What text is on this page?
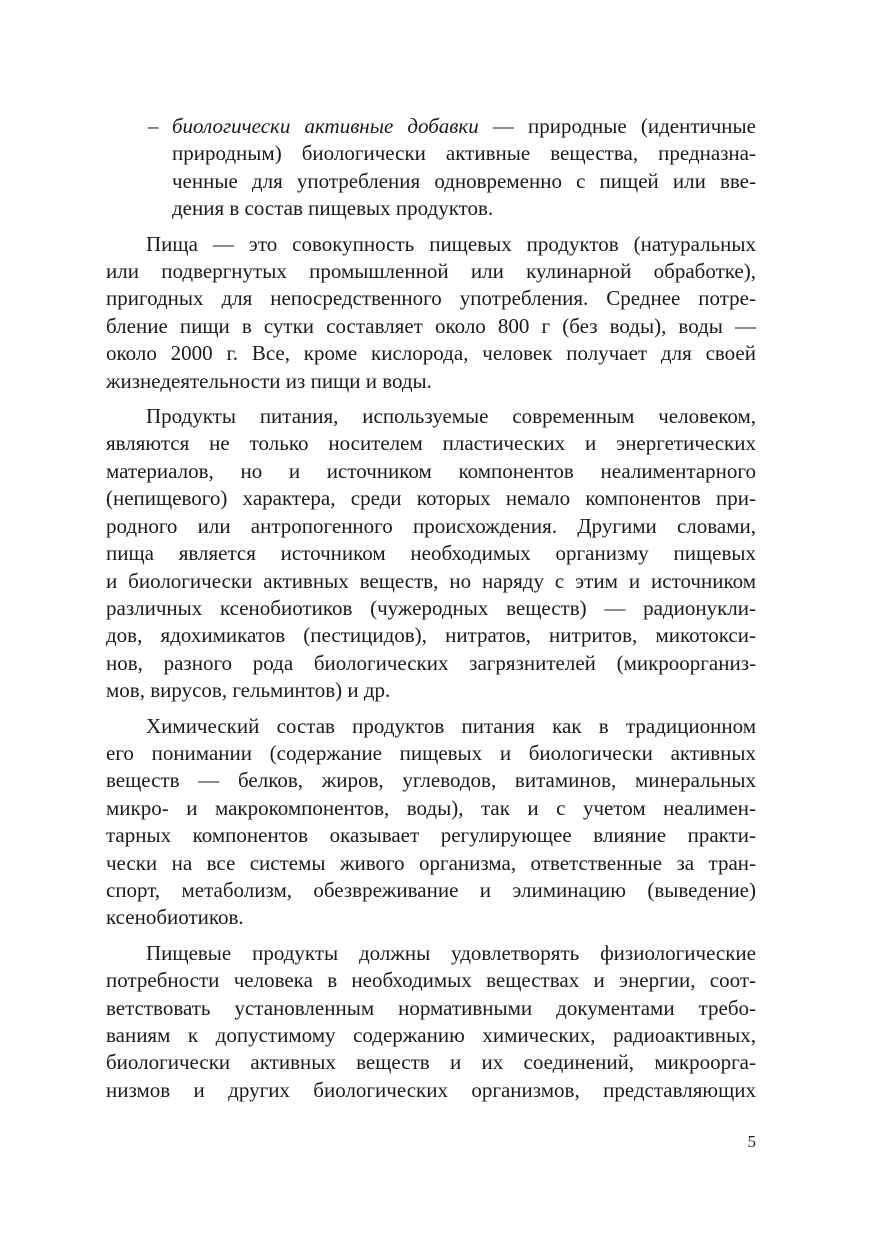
– биологически активные добавки — природные (идентичные
природным) биологически активные вещества, предназна-
ченные для употребления одновременно с пищей или вве-
дения в состав пищевых продуктов.
Пища — это совокупность пищевых продуктов (натуральных
или подвергнутых промышленной или кулинарной обработке),
пригодных для непосредственного употребления. Среднее потре-
бление пищи в сутки составляет около 800 г (без воды), воды —
около 2000 г. Все, кроме кислорода, человек получает для своей
жизнедеятельности из пищи и воды.
Продукты питания, используемые современным человеком,
являются не только носителем пластических и энергетических
материалов, но и источником компонентов неалиментарного
(непищевого) характера, среди которых немало компонентов при-
родного или антропогенного происхождения. Другими словами,
пища является источником необходимых организму пищевых
и биологически активных веществ, но наряду с этим и источником
различных ксенобиотиков (чужеродных веществ) — радионукли-
дов, ядохимикатов (пестицидов), нитратов, нитритов, микотокси-
нов, разного рода биологических загрязнителей (микроорганиз-
мов, вирусов, гельминтов) и др.
Химический состав продуктов питания как в традиционном
его понимании (содержание пищевых и биологически активных
веществ — белков, жиров, углеводов, витаминов, минеральных
микро- и макрокомпонентов, воды), так и с учетом неалимен-
тарных компонентов оказывает регулирующее влияние практи-
чески на все системы живого организма, ответственные за тран-
спорт, метаболизм, обезвреживание и элиминацию (выведение)
ксенобиотиков.
Пищевые продукты должны удовлетворять физиологические
потребности человека в необходимых веществах и энергии, соот-
ветствовать установленным нормативными документами требо-
ваниям к допустимому содержанию химических, радиоактивных,
биологически активных веществ и их соединений, микроорга-
низмов и других биологических организмов, представляющих
5
